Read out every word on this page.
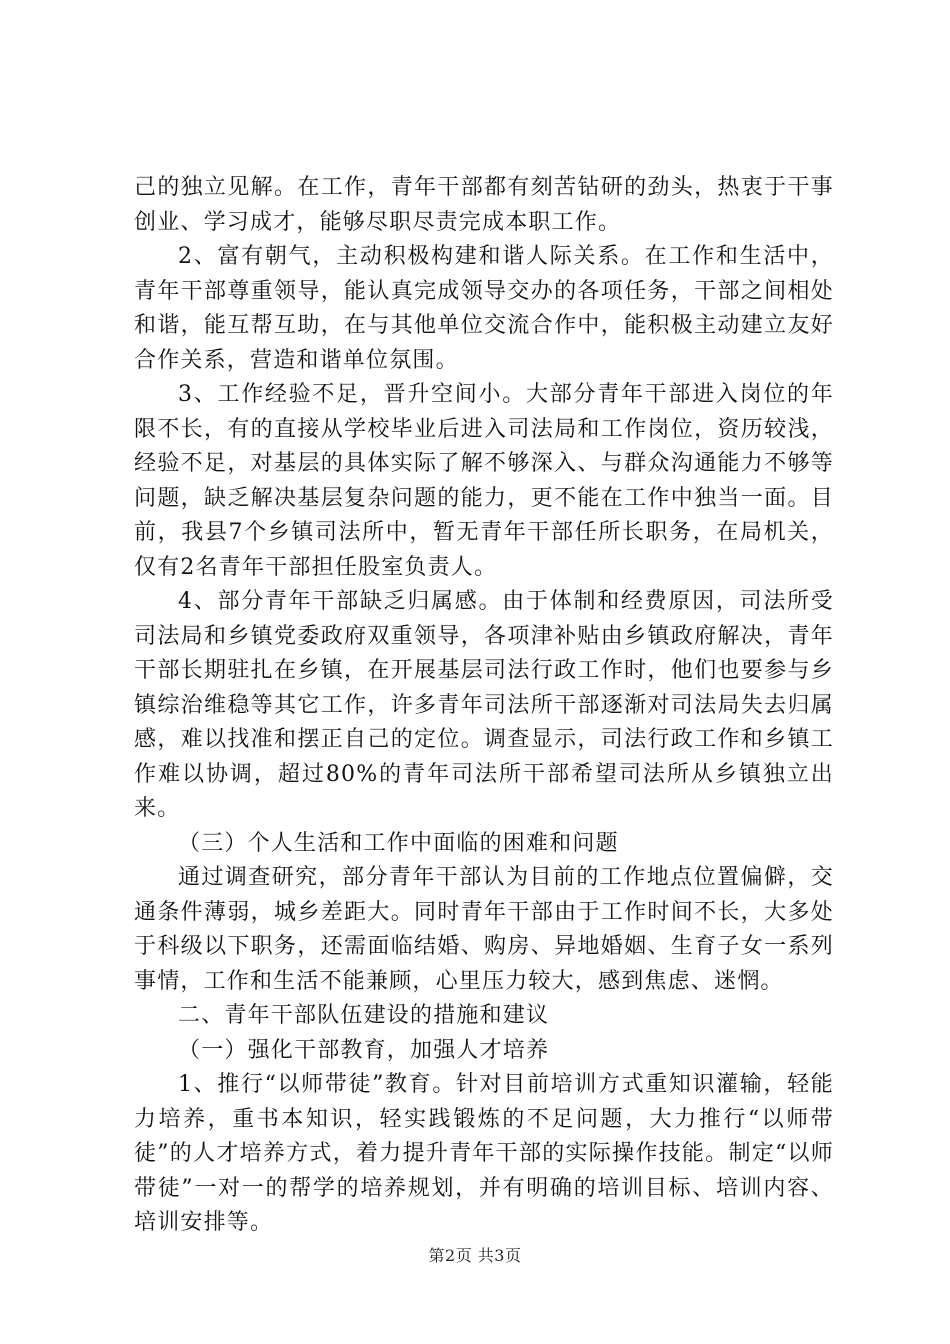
己的独立见解。在工作，青年干部都有刻苦钻研的劲头，热衷于干事创业、学习成才，能够尽职尽责完成本职工作。

2、富有朝气，主动积极构建和谐人际关系。在工作和生活中，青年干部尊重领导，能认真完成领导交办的各项任务，干部之间相处和谐，能互帮互助，在与其他单位交流合作中，能积极主动建立友好合作关系，营造和谐单位氛围。

3、工作经验不足，晋升空间小。大部分青年干部进入岗位的年限不长，有的直接从学校毕业后进入司法局和工作岗位，资历较浅，经验不足，对基层的具体实际了解不够深入、与群众沟通能力不够等问题，缺乏解决基层复杂问题的能力，更不能在工作中独当一面。目前，我县7个乡镇司法所中，暂无青年干部任所长职务，在局机关，仅有2名青年干部担任股室负责人。

4、部分青年干部缺乏归属感。由于体制和经费原因，司法所受司法局和乡镇党委政府双重领导，各项津补贴由乡镇政府解决，青年干部长期驻扎在乡镇，在开展基层司法行政工作时，他们也要参与乡镇综治维稳等其它工作，许多青年司法所干部逐渐对司法局失去归属感，难以找准和摆正自己的定位。调查显示，司法行政工作和乡镇工作难以协调，超过80%的青年司法所干部希望司法所从乡镇独立出来。

（三）个人生活和工作中面临的困难和问题

通过调查研究，部分青年干部认为目前的工作地点位置偏僻，交通条件薄弱，城乡差距大。同时青年干部由于工作时间不长，大多处于科级以下职务，还需面临结婚、购房、异地婚姻、生育子女一系列事情，工作和生活不能兼顾，心里压力较大，感到焦虑、迷惘。

二、青年干部队伍建设的措施和建议

（一）强化干部教育，加强人才培养

1、推行“以师带徒”教育。针对目前培训方式重知识灌输，轻能力培养，重书本知识，轻实践锻炼的不足问题，大力推行“以师带徒”的人才培养方式，着力提升青年干部的实际操作技能。制定“以师带徒”一对一的帮学的培养规划，并有明确的培训目标、培训内容、培训安排等。

第2页 共3页
